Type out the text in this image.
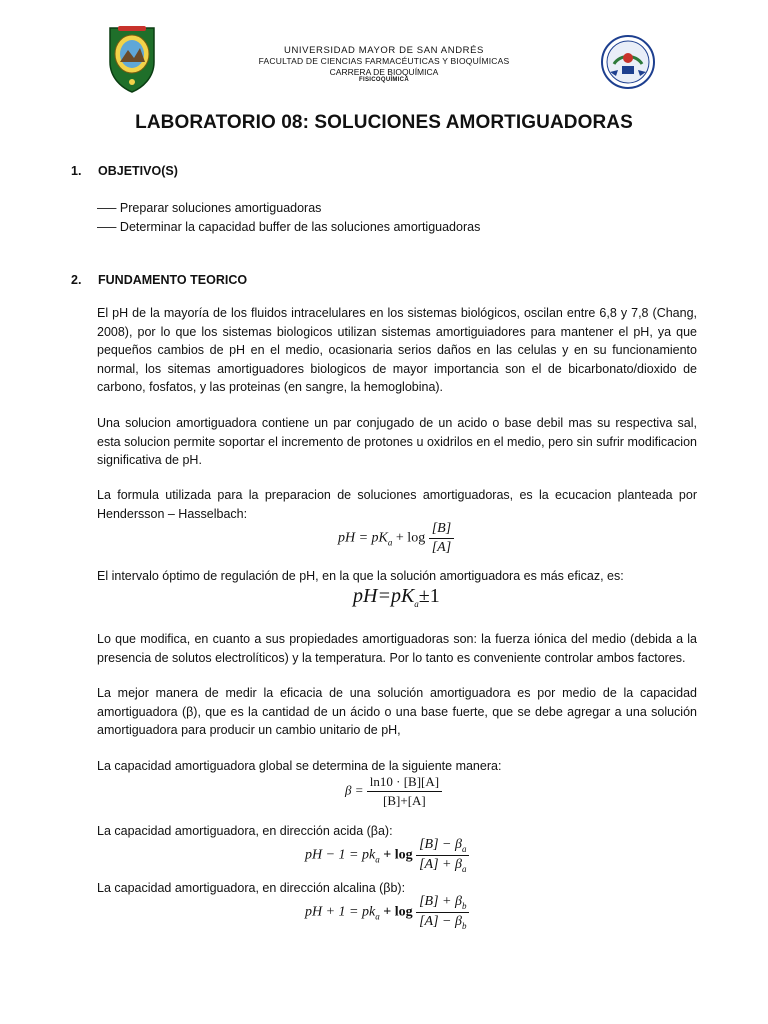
UNIVERSIDAD MAYOR DE SAN ANDRÉS
FACULTAD DE CIENCIAS FARMACÉUTICAS Y BIOQUÍMICAS
CARRERA DE BIOQUÍMICA
FISICOQUÍMICA
LABORATORIO 08: SOLUCIONES AMORTIGUADORAS
1. OBJETIVO(S)
—– Preparar soluciones amortiguadoras
—– Determinar la capacidad buffer de las soluciones amortiguadoras
2. FUNDAMENTO TEORICO
El pH de la mayoría de los fluidos intracelulares en los sistemas biológicos, oscilan entre 6,8 y 7,8 (Chang, 2008), por lo que los sistemas biologicos utilizan sistemas amortiguiadores para mantener el pH, ya que pequeños cambios de pH en el medio, ocasionaria serios daños en las celulas y en su funcionamiento normal, los sitemas amortiguadores biologicos de mayor importancia son el de bicarbonato/dioxido de carbono, fosfatos, y las proteinas (en sangre, la hemoglobina).
Una solucion amortiguadora contiene un par conjugado de un acido o base debil mas su respectiva sal, esta solucion permite soportar el incremento de protones u oxidrilos en el medio, pero sin sufrir modificacion significativa de pH.
La formula utilizada para la preparacion de soluciones amortiguadoras, es la ecucacion planteada por Hendersson – Hasselbach:
pH = $pK_a + \log \frac{[B]}{[A]}$
El intervalo óptimo de regulación de pH, en la que la solución amortiguadora es más eficaz, es:
$pH=pK_a\pm 1$
Lo que modifica, en cuanto a sus propiedades amortiguadoras son: la fuerza iónica del medio (debida a la presencia de solutos electrolíticos) y la temperatura. Por lo tanto es conveniente controlar ambos factores.
La mejor manera de medir la eficacia de una solución amortiguadora es por medio de la capacidad amortiguadora (β), que es la cantidad de un ácido o una base fuerte, que se debe agregar a una solución amortiguadora para producir un cambio unitario de pH,
La capacidad amortiguadora global se determina de la siguiente manera:
$\beta = \frac{\ln 10 \cdot [B][A]}{[B]+[A]}$
La capacidad amortiguadora, en dirección acida (βa):
pH − $1 = pk_a + \log \frac{[B] - \beta_a}{[A] + \beta_a}$
La capacidad amortiguadora, en dirección alcalina (βb):
pH + $1 = pk_a + \log \frac{[B] + \beta_b}{[A] - \beta_b}$
